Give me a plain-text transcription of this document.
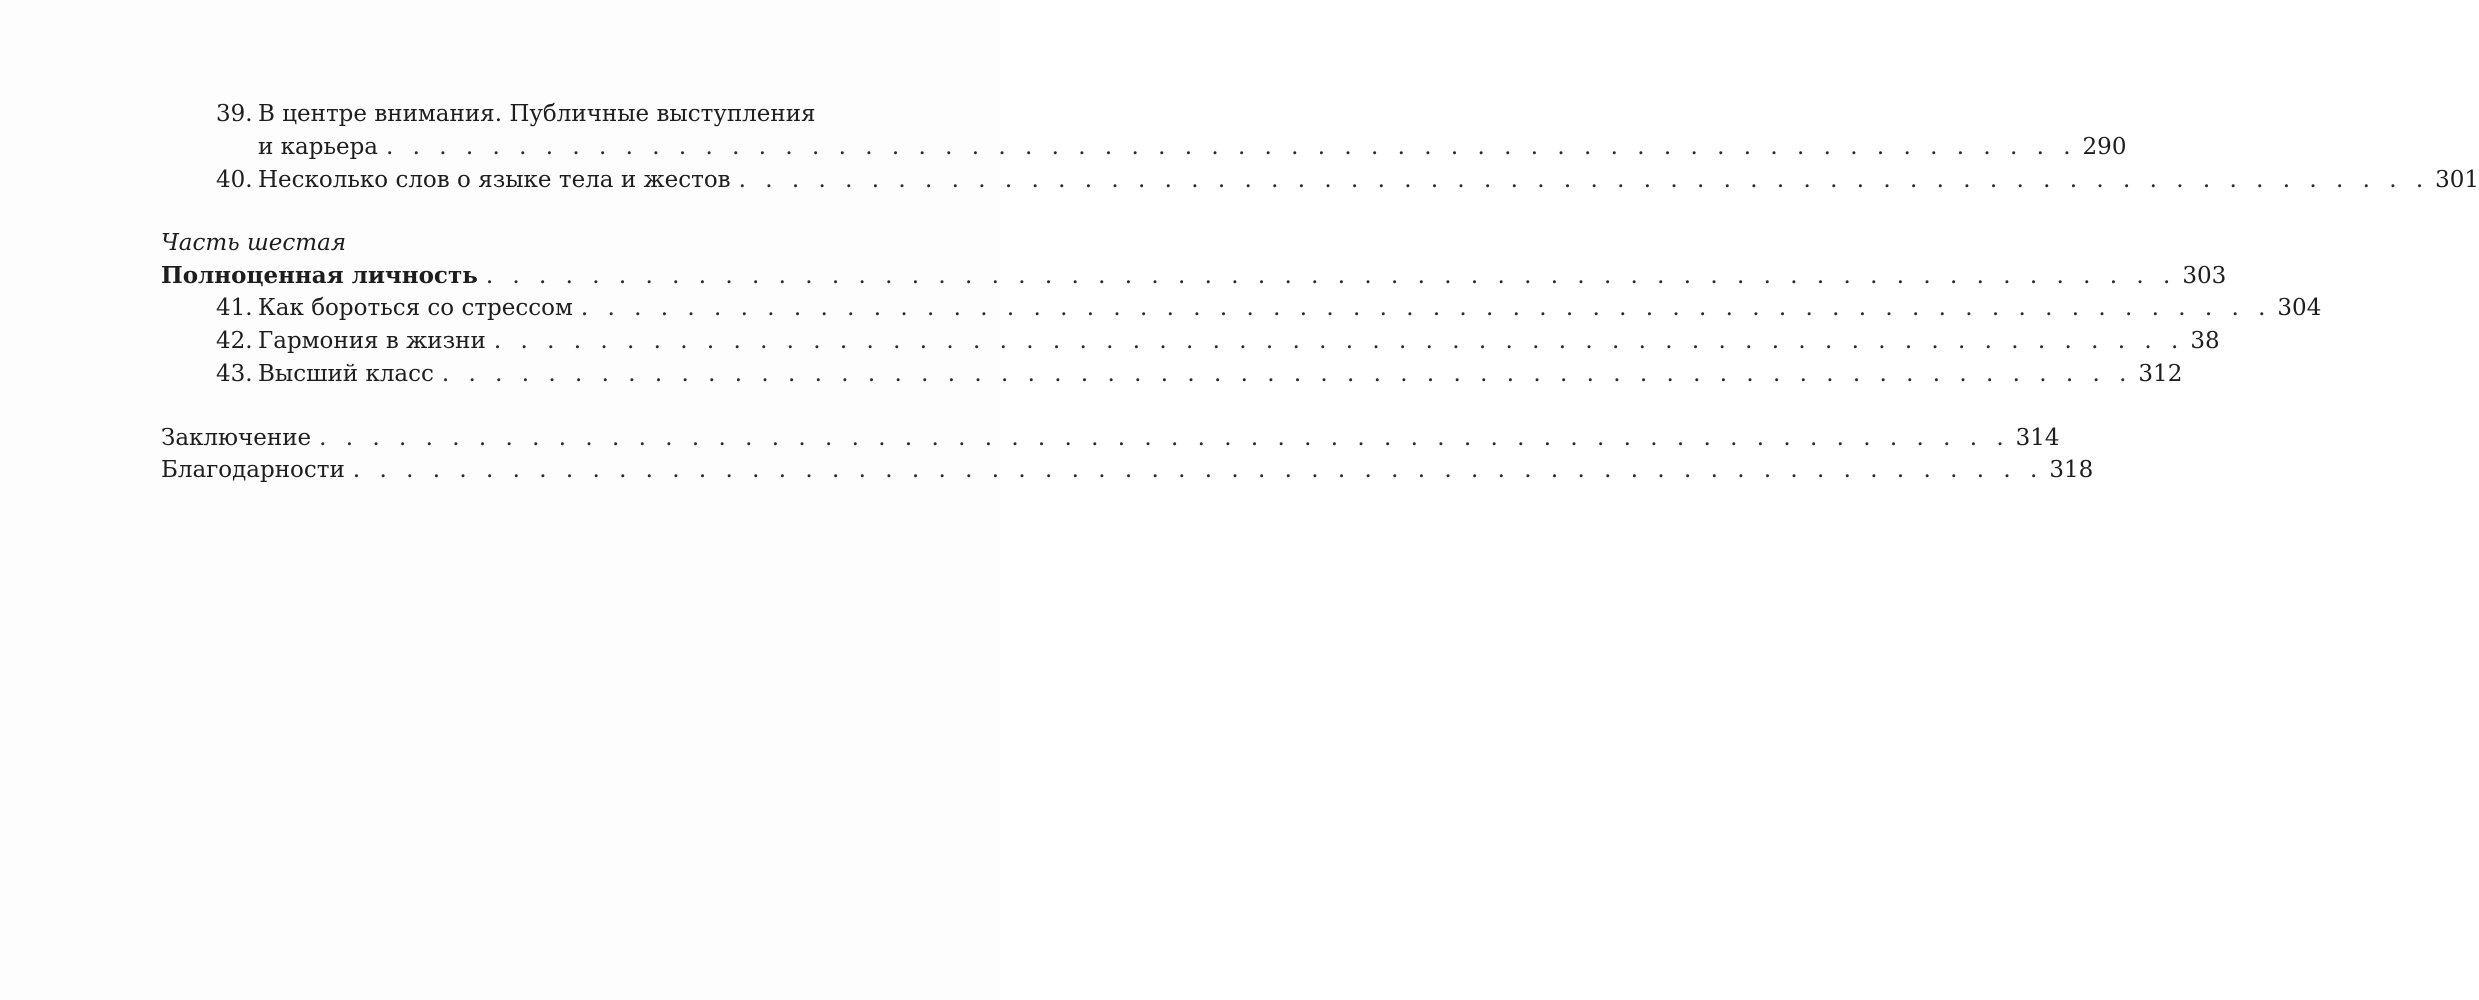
39. В центре внимания. Публичные выступления
и карьера . . . . . . . . . . . . . . . . . . . . . . . . . . . . . . . . . . . . . . . . . . . . . . . . . . . . . . . . . . . . . . . . 290
40. Несколько слов о языке тела и жестов . . . . . . . . . . . . . . . . . . . . . . . . . . . . . . . . . . . . . . . . . . . . . . . . . . . . . . . . . . . . . . . . 301
Часть шестая
Полноценная личность . . . . . . . . . . . . . . . . . . . . . . . . . . . . . . . . . . . . . . . . . . . . . . . . . . . . . . . . . . . . . . . . 303
41. Как бороться со стрессом . . . . . . . . . . . . . . . . . . . . . . . . . . . . . . . . . . . . . . . . . . . . . . . . . . . . . . . . . . . . . . . . 304
42. Гармония в жизни . . . . . . . . . . . . . . . . . . . . . . . . . . . . . . . . . . . . . . . . . . . . . . . . . . . . . . . . . . . . . . . . 38
43. Высший класс . . . . . . . . . . . . . . . . . . . . . . . . . . . . . . . . . . . . . . . . . . . . . . . . . . . . . . . . . . . . . . . . 312
Заключение . . . . . . . . . . . . . . . . . . . . . . . . . . . . . . . . . . . . . . . . . . . . . . . . . . . . . . . . . . . . . . . . 314
Благодарности . . . . . . . . . . . . . . . . . . . . . . . . . . . . . . . . . . . . . . . . . . . . . . . . . . . . . . . . . . . . . . . . 318
